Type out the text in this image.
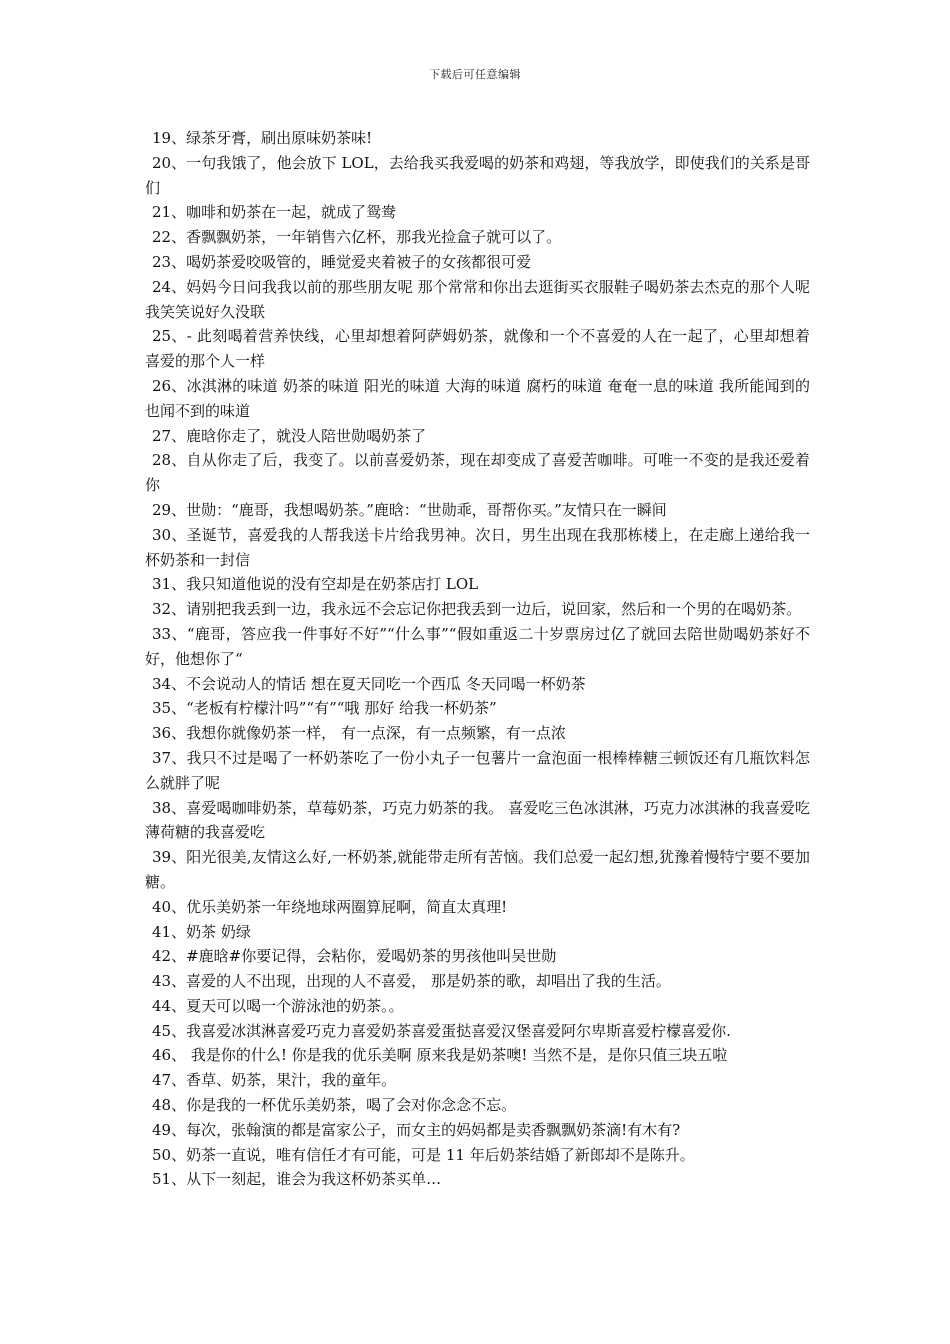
下载后可任意编辑

19、绿茶牙膏，刷出原味奶茶味!

20、一句我饿了，他会放下 LOL，去给我买我爱喝的奶茶和鸡翅，等我放学，即使我们的关系是哥们

21、咖啡和奶茶在一起，就成了鸳鸯

22、香飘飘奶茶，一年销售六亿杯，那我光捡盒子就可以了。

23、喝奶茶爱咬吸管的，睡觉爱夹着被子的女孩都很可爱

24、妈妈今日问我我以前的那些朋友呢 那个常常和你出去逛街买衣服鞋子喝奶茶去杰克的那个人呢 我笑笑说好久没联

25、- 此刻喝着营养快线，心里却想着阿萨姆奶茶，就像和一个不喜爱的人在一起了，心里却想着喜爱的那个人一样

26、冰淇淋的味道 奶茶的味道 阳光的味道 大海的味道 腐朽的味道 奄奄一息的味道 我所能闻到的也闻不到的味道

27、鹿晗你走了，就没人陪世勋喝奶茶了

28、自从你走了后，我变了。以前喜爱奶茶，现在却变成了喜爱苦咖啡。可唯一不变的是我还爱着你

29、世勋：“鹿哥，我想喝奶茶。”鹿晗：“世勋乖，哥帮你买。”友情只在一瞬间

30、圣诞节，喜爱我的人帮我送卡片给我男神。次日，男生出现在我那栋楼上，在走廊上递给我一杯奶茶和一封信

31、我只知道他说的没有空却是在奶茶店打 LOL

32、请别把我丢到一边，我永远不会忘记你把我丢到一边后，说回家，然后和一个男的在喝奶茶。

33、“鹿哥，答应我一件事好不好”“什么事”“假如重返二十岁票房过亿了就回去陪世勋喝奶茶好不好，他想你了“

34、不会说动人的情话 想在夏天同吃一个西瓜 冬天同喝一杯奶茶

35、“老板有柠檬汁吗”“有”“哦 那好 给我一杯奶茶”

36、我想你就像奶茶一样， 有一点深，有一点频繁，有一点浓

37、我只不过是喝了一杯奶茶吃了一份小丸子一包薯片一盒泡面一根棒棒糖三顿饭还有几瓶饮料怎么就胖了呢

38、喜爱喝咖啡奶茶，草莓奶茶，巧克力奶茶的我。 喜爱吃三色冰淇淋，巧克力冰淇淋的我喜爱吃薄荷糖的我喜爱吃

39、阳光很美,友情这么好,一杯奶茶,就能带走所有苦恼。我们总爱一起幻想,犹豫着慢特宁要不要加糖。

40、优乐美奶茶一年绕地球两圈算屁啊，简直太真理!

41、奶茶 奶绿

42、#鹿晗#你要记得，会粘你，爱喝奶茶的男孩他叫吴世勋

43、喜爱的人不出现，出现的人不喜爱， 那是奶茶的歌，却唱出了我的生活。

44、夏天可以喝一个游泳池的奶茶。。

45、我喜爱冰淇淋喜爱巧克力喜爱奶茶喜爱蛋挞喜爱汉堡喜爱阿尔卑斯喜爱柠檬喜爱你.

46、 我是你的什么! 你是我的优乐美啊 原来我是奶茶噢! 当然不是，是你只值三块五啦

47、香草、奶茶，果汁，我的童年。

48、你是我的一杯优乐美奶茶，喝了会对你念念不忘。

49、每次，张翰演的都是富家公子，而女主的妈妈都是卖香飘飘奶茶滴!有木有?

50、奶茶一直说，唯有信任才有可能，可是 11 年后奶茶结婚了新郎却不是陈升。

51、从下一刻起，谁会为我这杯奶茶买单…
